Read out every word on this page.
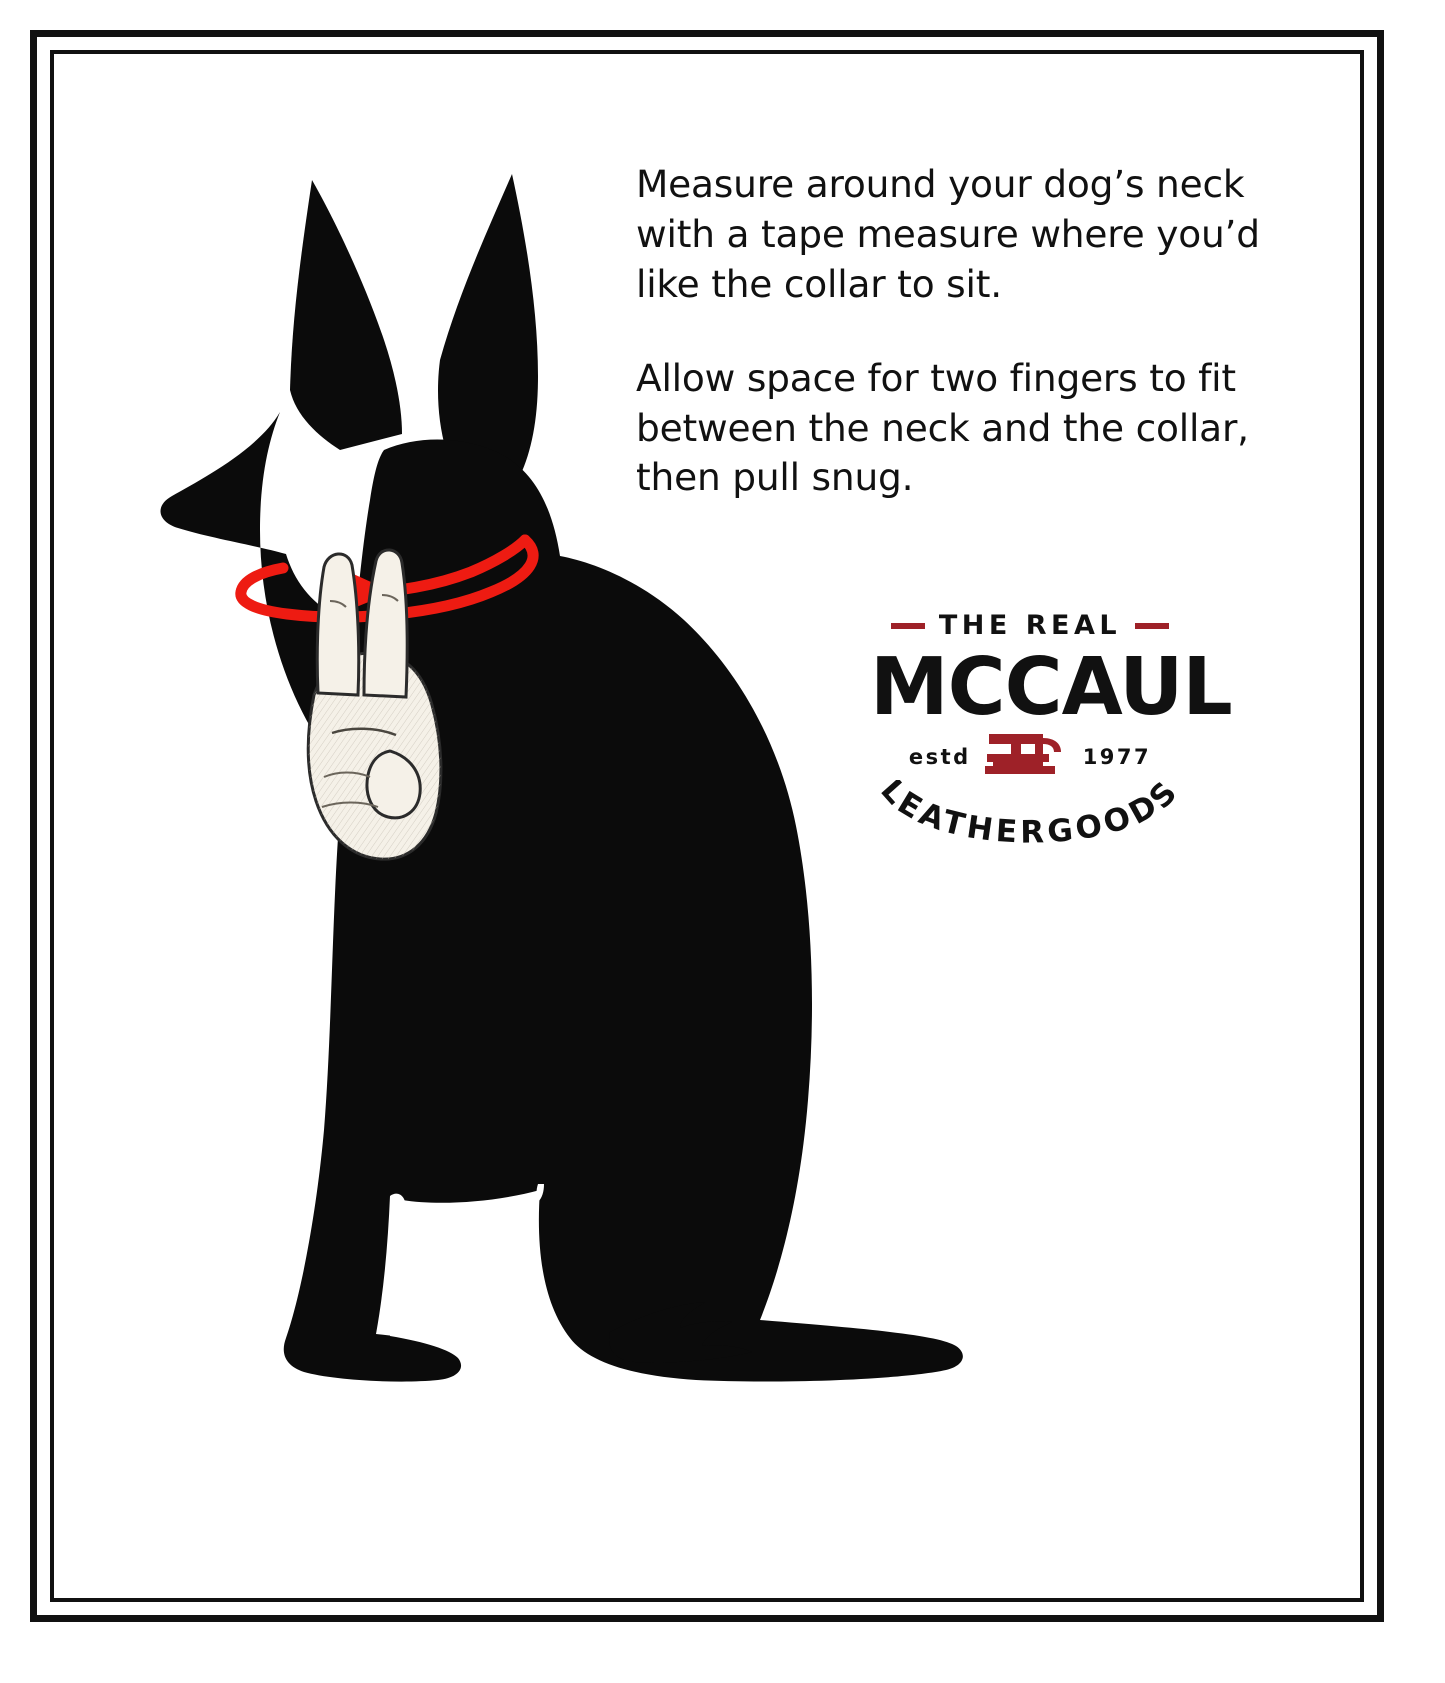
Measure around your dog’s neck with a tape measure where you’d like the collar to sit.

Allow space for two fingers to fit between the neck and the collar, then pull snug.

THE REAL
MCCAUL
estd	1977
LEATHERGOODS
